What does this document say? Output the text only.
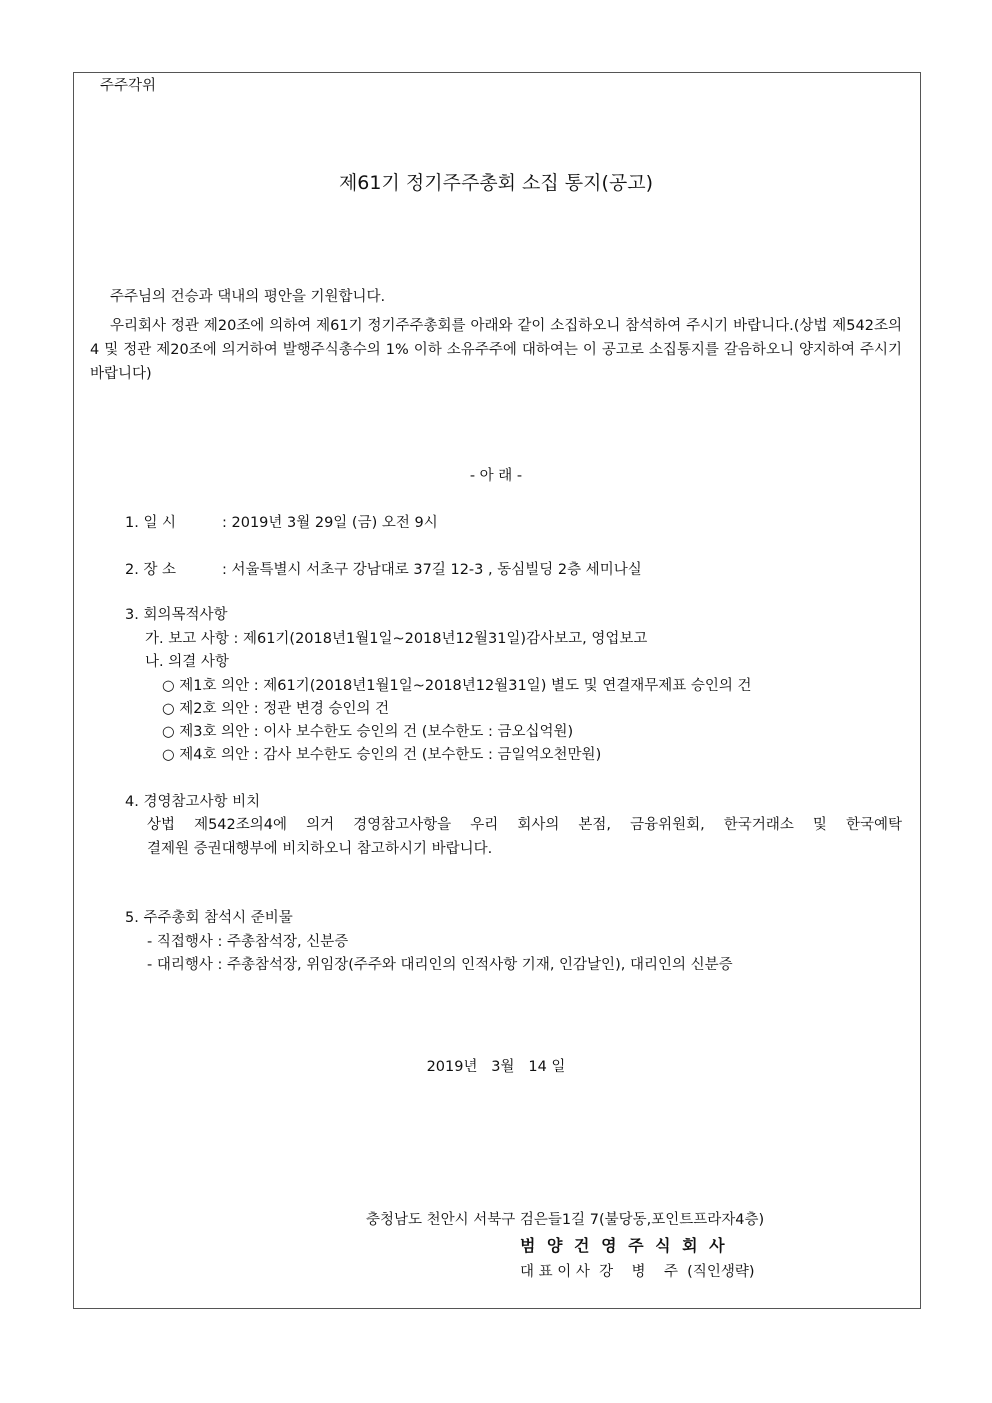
주주각위
제61기 정기주주총회 소집 통지(공고)
주주님의 건승과 댁내의 평안을 기원합니다.
우리회사 정관 제20조에 의하여 제61기 정기주주총회를 아래와 같이 소집하오니 참석하여 주시기 바랍니다.(상법 제542조의 4 및 정관 제20조에 의거하여 발행주식총수의 1% 이하 소유주주에 대하여는 이 공고로 소집통지를 갈음하오니 양지하여 주시기 바랍니다)
- 아 래 -
1. 일 시	: 2019년 3월 29일 (금) 오전 9시
2. 장 소	: 서울특별시 서초구 강남대로 37길 12-3 , 동심빌딩 2층 세미나실
3. 회의목적사항
가. 보고 사항 : 제61기(2018년1월1일~2018년12월31일)감사보고, 영업보고
나. 의결 사항
○ 제1호 의안 : 제61기(2018년1월1일~2018년12월31일) 별도 및 연결재무제표 승인의 건
○ 제2호 의안 : 정관 변경 승인의 건
○ 제3호 의안 : 이사 보수한도 승인의 건 (보수한도 : 금오십억원)
○ 제4호 의안 : 감사 보수한도 승인의 건 (보수한도 : 금일억오천만원)
4. 경영참고사항 비치
상법 제542조의4에 의거 경영참고사항을 우리 회사의 본점, 금융위원회, 한국거래소 및 한국예탁
결제원 증권대행부에 비치하오니 참고하시기 바랍니다.
5. 주주총회 참석시 준비물
- 직접행사 : 주총참석장, 신분증
- 대리행사 : 주총참석장, 위임장(주주와 대리인의 인적사항 기재, 인감날인), 대리인의 신분증
2019년   3월   14 일
충청남도 천안시 서북구 검은들1길 7(불당동,포인트프라자4층)
범 양 건 영 주 식 회 사
대 표 이 사  강    병    주  (직인생략)
